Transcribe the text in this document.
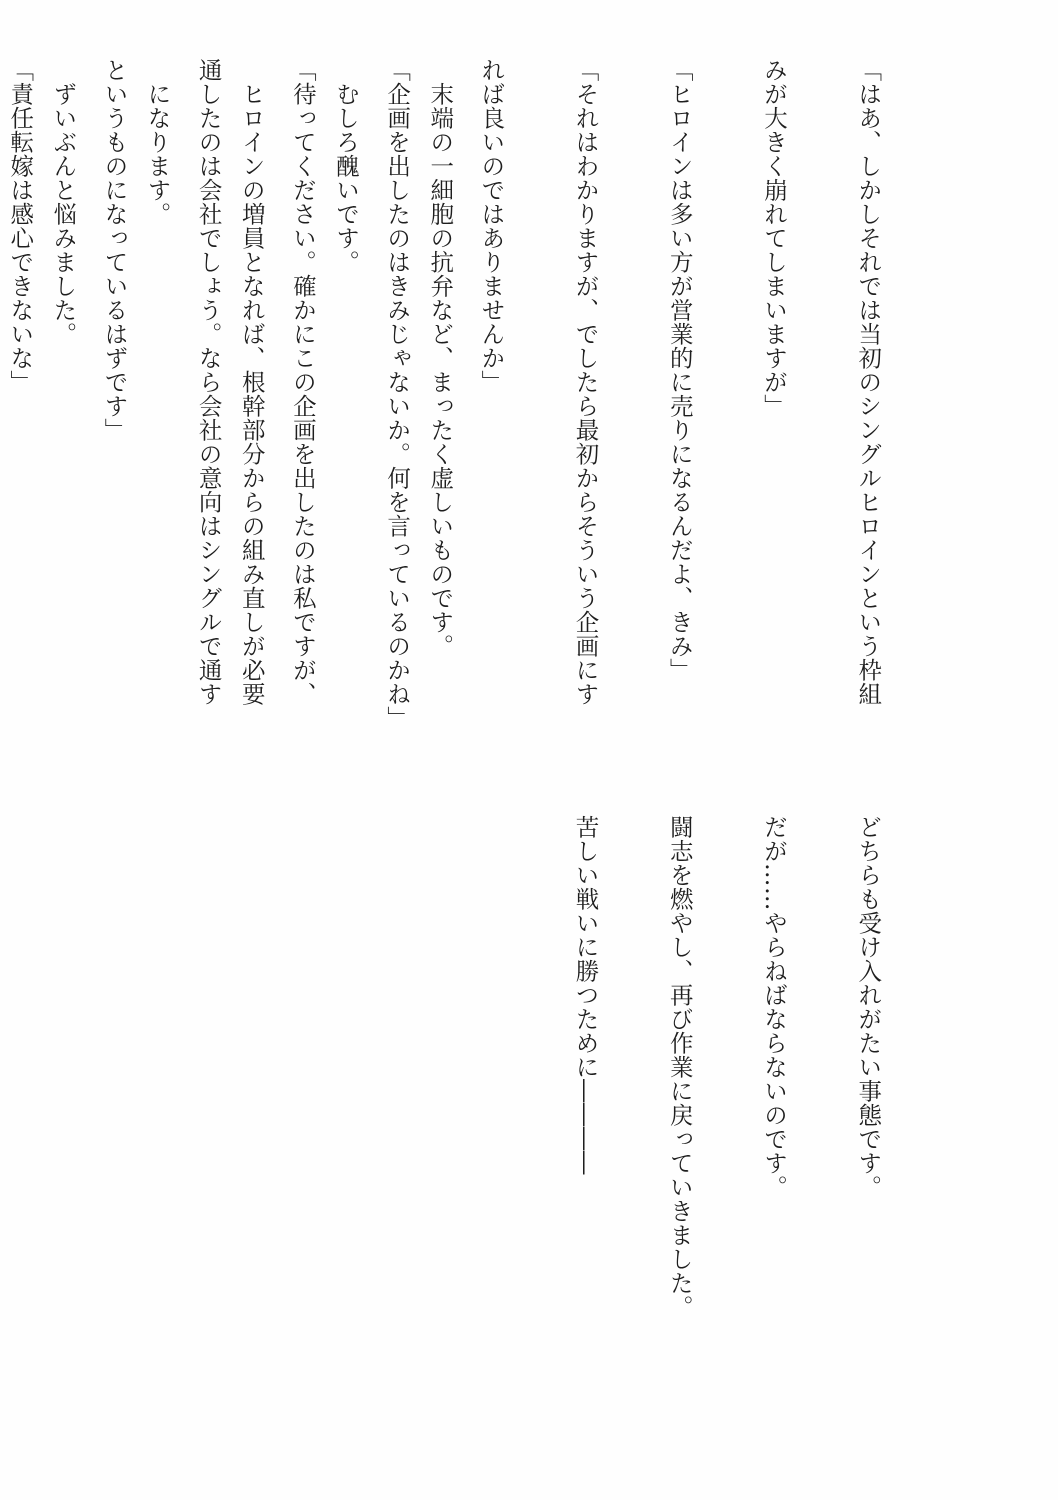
「はあ、しかしそれでは当初のシングルヒロインという枠組

みが大きく崩れてしまいますが」

「ヒロインは多い方が営業的に売りになるんだよ、きみ」

「それはわかりますが、でしたら最初からそういう企画にす

れば良いのではありませんか」

「企画を出したのはきみじゃないか。何を言っているのかね」

「待ってください。確かにこの企画を出したのは私ですが、

通したのは会社でしょう。なら会社の意向はシングルで通す

というものになっているはずです」

「責任転嫁は感心できないな」

	末端の一細胞の抗弁など、まったく虚しいものです。

むしろ醜いです。

ヒロインの増員となれば、根幹部分からの組み直しが必要

になります。

ずいぶんと悩みました。

どちらも受け入れがたい事態です。

だが……やらねばならないのです。

闘志を燃やし、再び作業に戻っていきました。

苦しい戦いに勝つために――――
